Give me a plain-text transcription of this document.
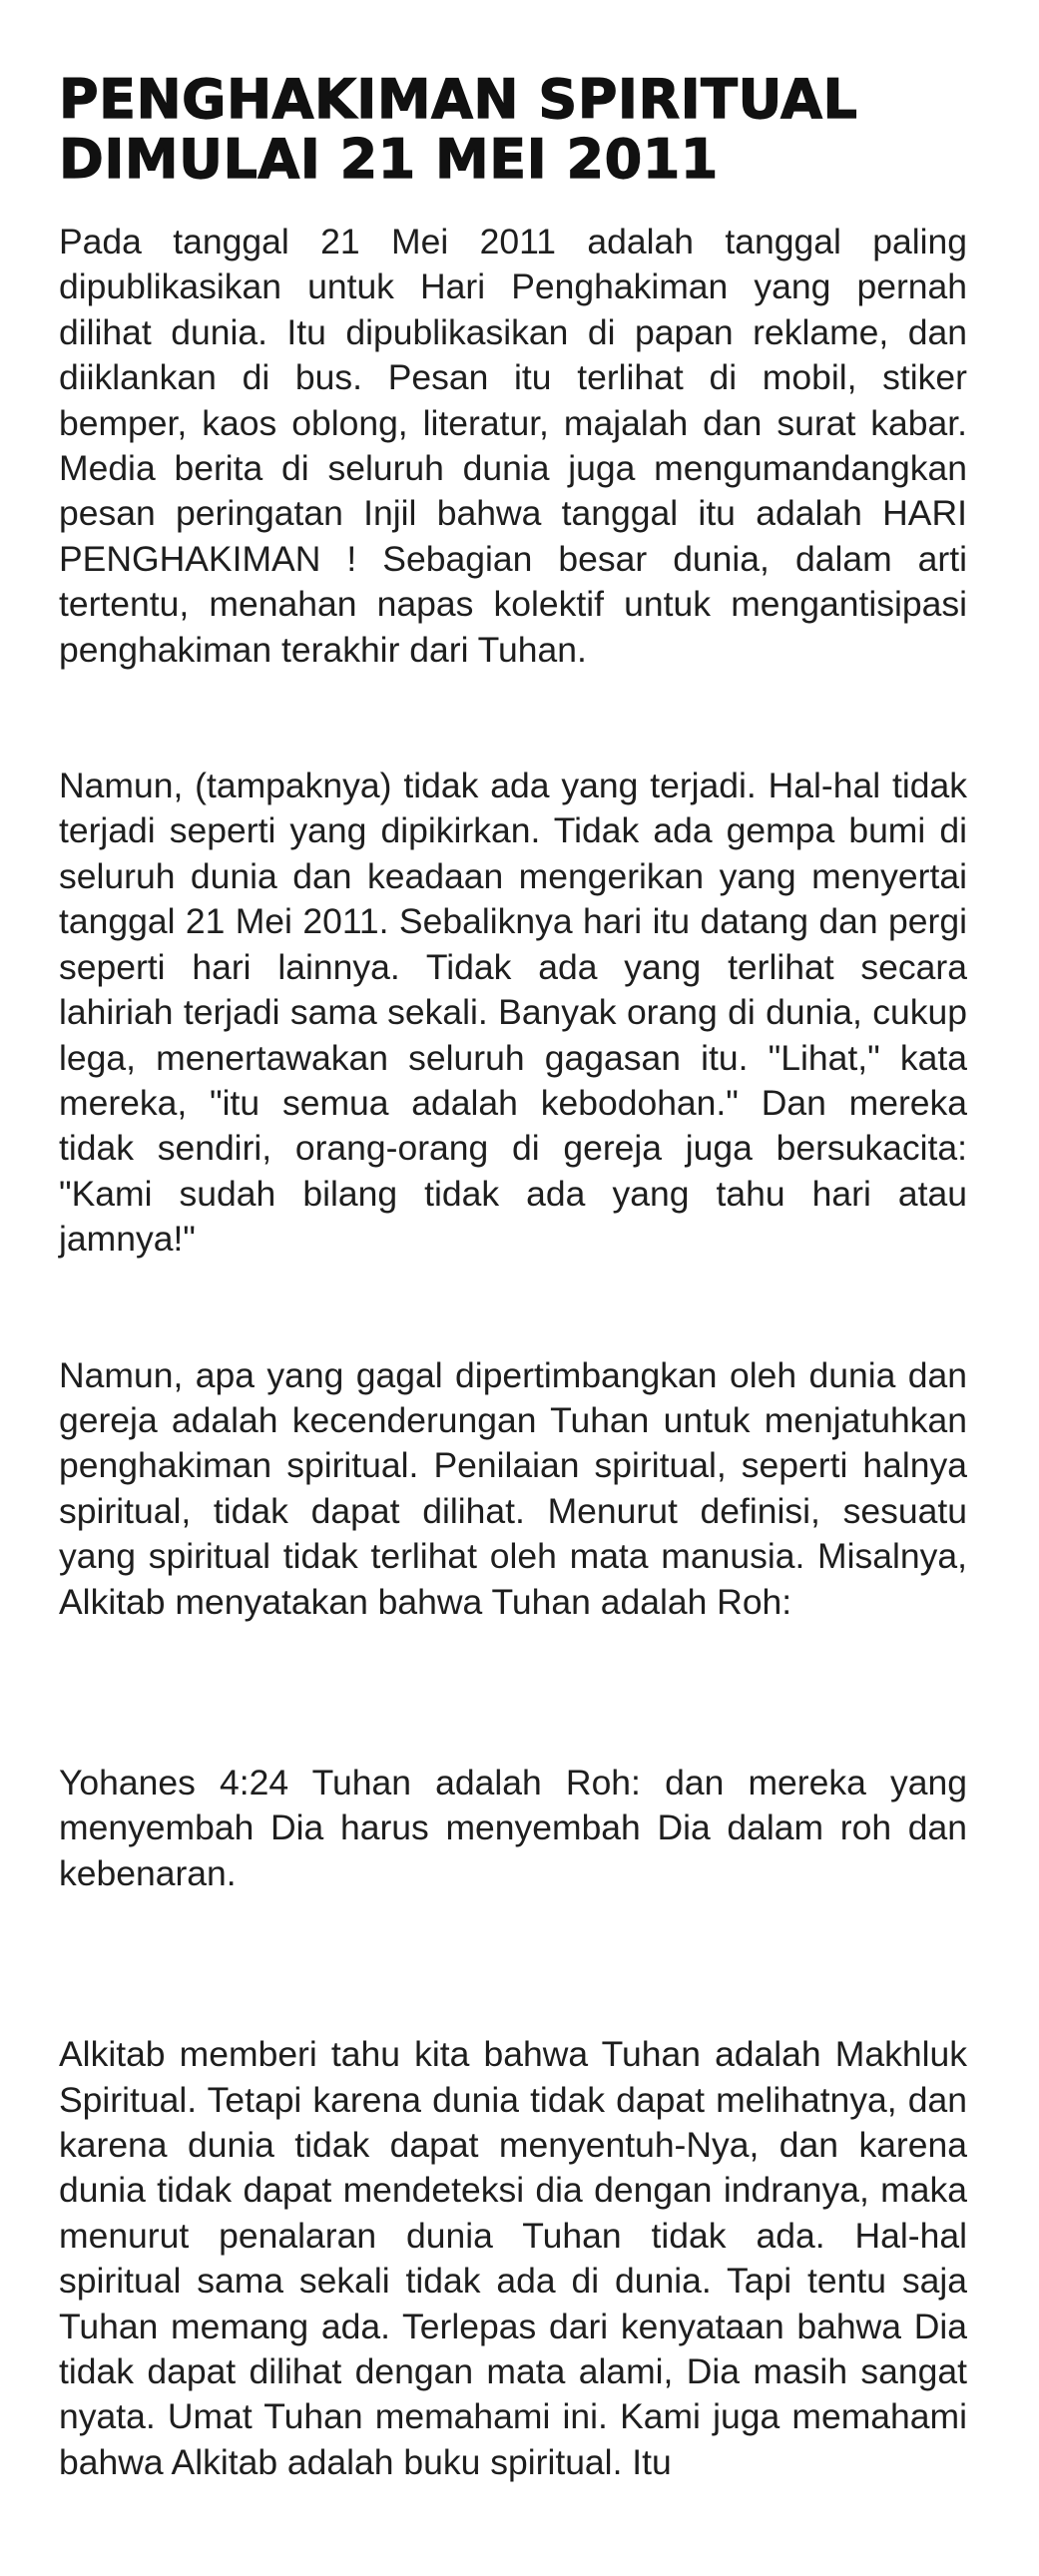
PENGHAKIMAN SPIRITUAL DIMULAI 21 MEI 2011

Pada tanggal 21 Mei 2011 adalah tanggal paling dipublikasikan untuk Hari Penghakiman yang pernah dilihat dunia. Itu dipublikasikan di papan reklame, dan diiklankan di bus. Pesan itu terlihat di mobil, stiker bemper, kaos oblong, literatur, majalah dan surat kabar. Media berita di seluruh dunia juga mengumandangkan pesan peringatan Injil bahwa tanggal itu adalah HARI PENGHAKIMAN ! Sebagian besar dunia, dalam arti tertentu, menahan napas kolektif untuk mengantisipasi penghakiman terakhir dari Tuhan.

Namun, (tampaknya) tidak ada yang terjadi. Hal-hal tidak terjadi seperti yang dipikirkan. Tidak ada gempa bumi di seluruh dunia dan keadaan mengerikan yang menyertai tanggal 21 Mei 2011. Sebaliknya hari itu datang dan pergi seperti hari lainnya. Tidak ada yang terlihat secara lahiriah terjadi sama sekali. Banyak orang di dunia, cukup lega, menertawakan seluruh gagasan itu. "Lihat," kata mereka, "itu semua adalah kebodohan." Dan mereka tidak sendiri, orang-orang di gereja juga bersukacita: "Kami sudah bilang tidak ada yang tahu hari atau jamnya!"

Namun, apa yang gagal dipertimbangkan oleh dunia dan gereja adalah kecenderungan Tuhan untuk menjatuhkan penghakiman spiritual. Penilaian spiritual, seperti halnya spiritual, tidak dapat dilihat. Menurut definisi, sesuatu yang spiritual tidak terlihat oleh mata manusia. Misalnya, Alkitab menyatakan bahwa Tuhan adalah Roh:

Yohanes 4:24 Tuhan adalah Roh: dan mereka yang menyembah Dia harus menyembah Dia dalam roh dan kebenaran.

Alkitab memberi tahu kita bahwa Tuhan adalah Makhluk Spiritual. Tetapi karena dunia tidak dapat melihatnya, dan karena dunia tidak dapat menyentuh-Nya, dan karena dunia tidak dapat mendeteksi dia dengan indranya, maka menurut penalaran dunia Tuhan tidak ada. Hal-hal spiritual sama sekali tidak ada di dunia. Tapi tentu saja Tuhan memang ada. Terlepas dari kenyataan bahwa Dia tidak dapat dilihat dengan mata alami, Dia masih sangat nyata. Umat Tuhan memahami ini. Kami juga memahami bahwa Alkitab adalah buku spiritual. Itu
